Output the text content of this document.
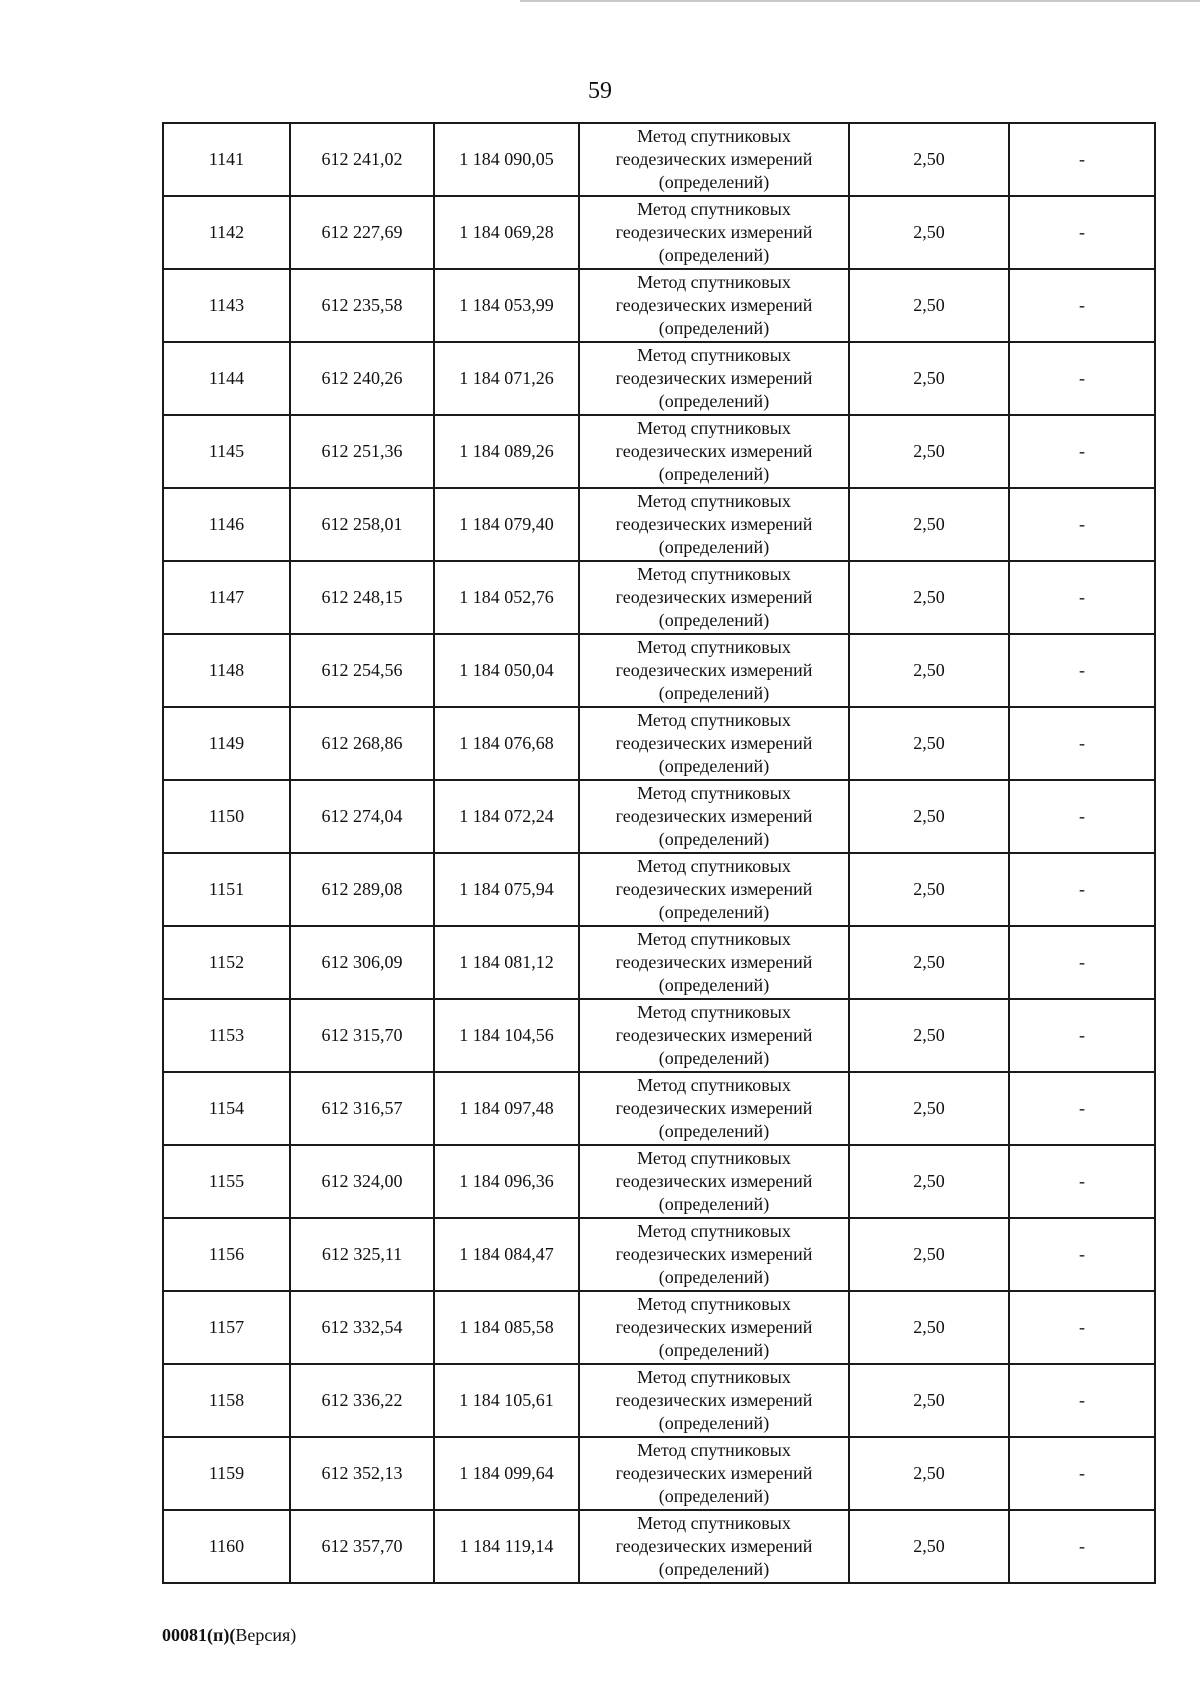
59
1141	612 241,02	1 184 090,05	Метод спутниковых геодезических измерений (определений)	2,50	-
1142	612 227,69	1 184 069,28	Метод спутниковых геодезических измерений (определений)	2,50	-
1143	612 235,58	1 184 053,99	Метод спутниковых геодезических измерений (определений)	2,50	-
1144	612 240,26	1 184 071,26	Метод спутниковых геодезических измерений (определений)	2,50	-
1145	612 251,36	1 184 089,26	Метод спутниковых геодезических измерений (определений)	2,50	-
1146	612 258,01	1 184 079,40	Метод спутниковых геодезических измерений (определений)	2,50	-
1147	612 248,15	1 184 052,76	Метод спутниковых геодезических измерений (определений)	2,50	-
1148	612 254,56	1 184 050,04	Метод спутниковых геодезических измерений (определений)	2,50	-
1149	612 268,86	1 184 076,68	Метод спутниковых геодезических измерений (определений)	2,50	-
1150	612 274,04	1 184 072,24	Метод спутниковых геодезических измерений (определений)	2,50	-
1151	612 289,08	1 184 075,94	Метод спутниковых геодезических измерений (определений)	2,50	-
1152	612 306,09	1 184 081,12	Метод спутниковых геодезических измерений (определений)	2,50	-
1153	612 315,70	1 184 104,56	Метод спутниковых геодезических измерений (определений)	2,50	-
1154	612 316,57	1 184 097,48	Метод спутниковых геодезических измерений (определений)	2,50	-
1155	612 324,00	1 184 096,36	Метод спутниковых геодезических измерений (определений)	2,50	-
1156	612 325,11	1 184 084,47	Метод спутниковых геодезических измерений (определений)	2,50	-
1157	612 332,54	1 184 085,58	Метод спутниковых геодезических измерений (определений)	2,50	-
1158	612 336,22	1 184 105,61	Метод спутниковых геодезических измерений (определений)	2,50	-
1159	612 352,13	1 184 099,64	Метод спутниковых геодезических измерений (определений)	2,50	-
1160	612 357,70	1 184 119,14	Метод спутниковых геодезических измерений (определений)	2,50	-
00081(п)(Версия)
